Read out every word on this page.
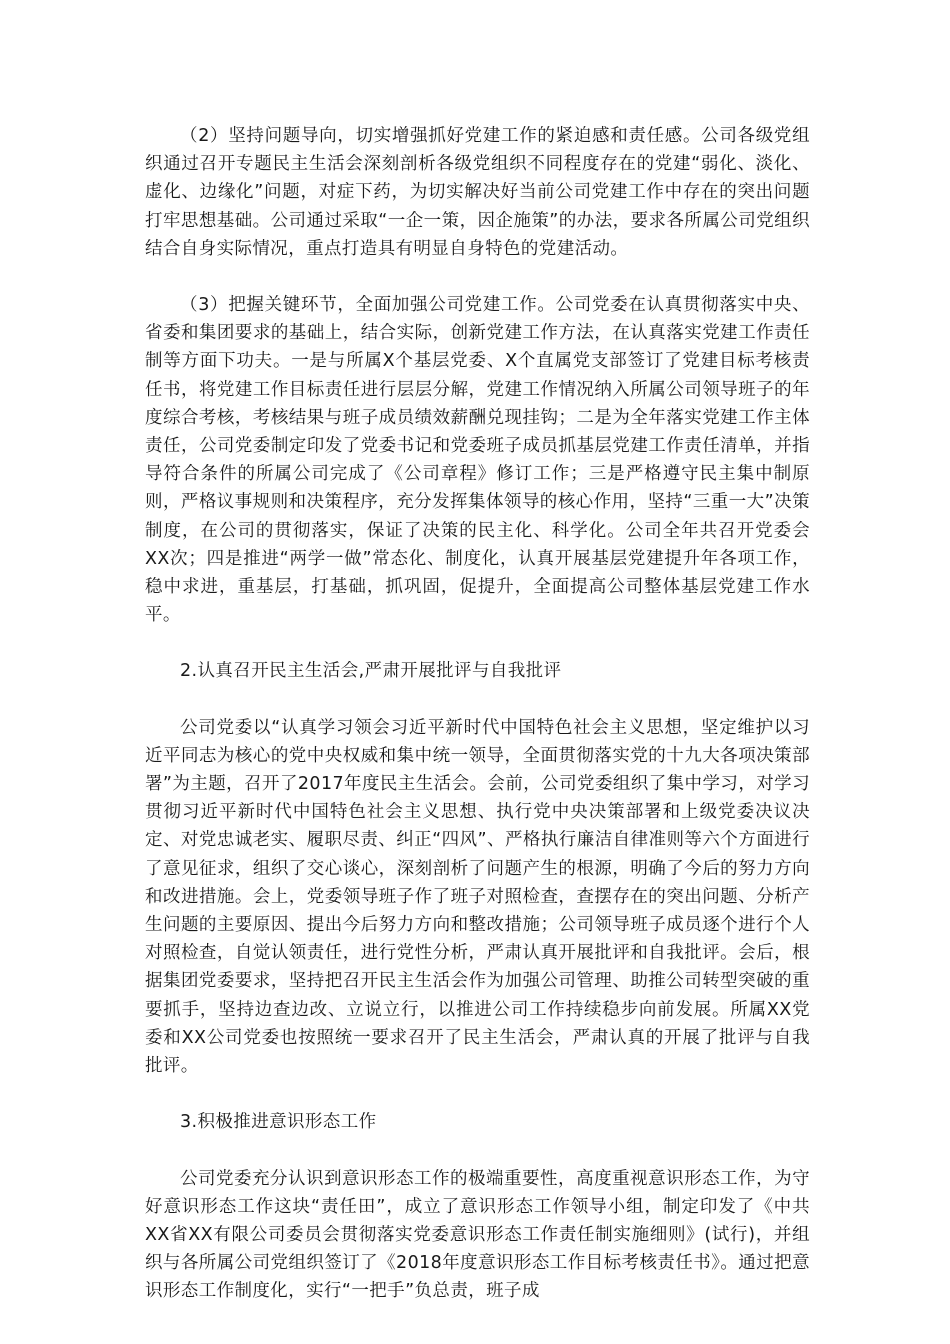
（2）坚持问题导向，切实增强抓好党建工作的紧迫感和责任感。公司各级党组织通过召开专题民主生活会深刻剖析各级党组织不同程度存在的党建“弱化、淡化、虚化、边缘化”问题，对症下药，为切实解决好当前公司党建工作中存在的突出问题打牢思想基础。公司通过采取“一企一策，因企施策”的办法，要求各所属公司党组织结合自身实际情况，重点打造具有明显自身特色的党建活动。

（3）把握关键环节，全面加强公司党建工作。公司党委在认真贯彻落实中央、省委和集团要求的基础上，结合实际，创新党建工作方法，在认真落实党建工作责任制等方面下功夫。一是与所属X个基层党委、X个直属党支部签订了党建目标考核责任书，将党建工作目标责任进行层层分解，党建工作情况纳入所属公司领导班子的年度综合考核，考核结果与班子成员绩效薪酬兑现挂钩；二是为全年落实党建工作主体责任，公司党委制定印发了党委书记和党委班子成员抓基层党建工作责任清单，并指导符合条件的所属公司完成了《公司章程》修订工作；三是严格遵守民主集中制原则，严格议事规则和决策程序，充分发挥集体领导的核心作用，坚持“三重一大”决策制度，在公司的贯彻落实，保证了决策的民主化、科学化。公司全年共召开党委会XX次；四是推进“两学一做”常态化、制度化，认真开展基层党建提升年各项工作，稳中求进，重基层，打基础，抓巩固，促提升，全面提高公司整体基层党建工作水平。

2.认真召开民主生活会,严肃开展批评与自我批评

公司党委以“认真学习领会习近平新时代中国特色社会主义思想，坚定维护以习近平同志为核心的党中央权威和集中统一领导，全面贯彻落实党的十九大各项决策部署”为主题，召开了2017年度民主生活会。会前，公司党委组织了集中学习，对学习贯彻习近平新时代中国特色社会主义思想、执行党中央决策部署和上级党委决议决定、对党忠诚老实、履职尽责、纠正“四风”、严格执行廉洁自律准则等六个方面进行了意见征求，组织了交心谈心，深刻剖析了问题产生的根源，明确了今后的努力方向和改进措施。会上，党委领导班子作了班子对照检查，查摆存在的突出问题、分析产生问题的主要原因、提出今后努力方向和整改措施；公司领导班子成员逐个进行个人对照检查，自觉认领责任，进行党性分析，严肃认真开展批评和自我批评。会后，根据集团党委要求，坚持把召开民主生活会作为加强公司管理、助推公司转型突破的重要抓手，坚持边查边改、立说立行，以推进公司工作持续稳步向前发展。所属XX党委和XX公司党委也按照统一要求召开了民主生活会，严肃认真的开展了批评与自我批评。

3.积极推进意识形态工作

公司党委充分认识到意识形态工作的极端重要性，高度重视意识形态工作，为守好意识形态工作这块“责任田”，成立了意识形态工作领导小组，制定印发了《中共XX省XX有限公司委员会贯彻落实党委意识形态工作责任制实施细则》(试行)，并组织与各所属公司党组织签订了《2018年度意识形态工作目标考核责任书》。通过把意识形态工作制度化，实行“一把手”负总责，班子成
